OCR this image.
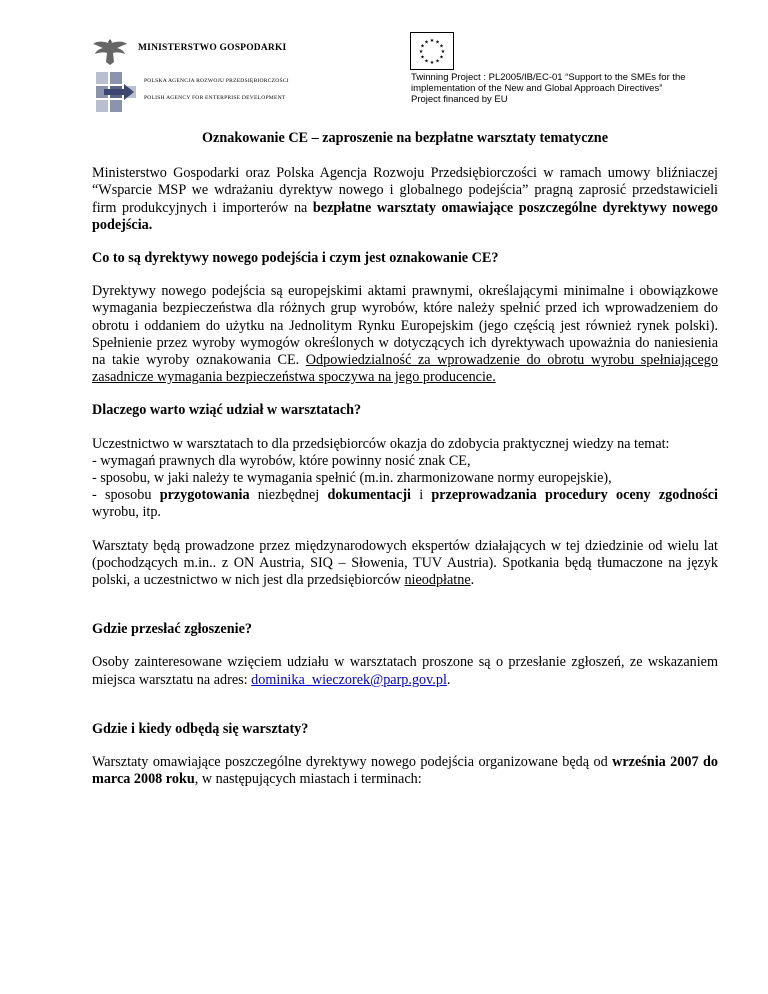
MINISTERSTWO GOSPODARKI
POLSKA AGENCJA ROZWOJU PRZEDSIĘBIORCZOŚCI
POLISH AGENCY FOR ENTERPRISE DEVELOPMENT
★ ★
★
★
★
★
★
★
★
★
★
★
Twinning Project : PL2005/IB/EC-01 “Support to the SMEs for the
implementation of the New and Global Approach Directives”
Project financed by EU
Oznakowanie CE – zaproszenie na bezpłatne warsztaty tematyczne
Ministerstwo Gospodarki oraz Polska Agencja Rozwoju Przedsiębiorczości w ramach umowy bliźniaczej “Wsparcie MSP we wdrażaniu dyrektyw nowego i globalnego podejścia” pragną zaprosić przedstawicieli firm produkcyjnych i importerów na bezpłatne warsztaty omawiające poszczególne dyrektywy nowego podejścia.
Co to są dyrektywy nowego podejścia i czym jest oznakowanie CE?
Dyrektywy nowego podejścia są europejskimi aktami prawnymi, określającymi minimalne i obowiązkowe wymagania bezpieczeństwa dla różnych grup wyrobów, które należy spełnić przed ich wprowadzeniem do obrotu i oddaniem do użytku na Jednolitym Rynku Europejskim (jego częścią jest również rynek polski). Spełnienie przez wyroby wymogów określonych w dotyczących ich dyrektywach upoważnia do naniesienia na takie wyroby oznakowania CE. Odpowiedzialność za wprowadzenie do obrotu wyrobu spełniającego zasadnicze wymagania bezpieczeństwa spoczywa na jego producencie.
Dlaczego warto wziąć udział w warsztatach?
Uczestnictwo w warsztatach to dla przedsiębiorców okazja do zdobycia praktycznej wiedzy na temat:
- wymagań prawnych dla wyrobów, które powinny nosić znak CE,
- sposobu, w jaki należy te wymagania spełnić (m.in. zharmonizowane normy europejskie),
- sposobu przygotowania niezbędnej dokumentacji i przeprowadzania procedury oceny zgodności wyrobu, itp.
Warsztaty będą prowadzone przez międzynarodowych ekspertów działających w tej dziedzinie od wielu lat (pochodzących m.in.. z ON Austria, SIQ – Słowenia, TUV Austria). Spotkania będą tłumaczone na język polski, a uczestnictwo w nich jest dla przedsiębiorców nieodpłatne.
Gdzie przesłać zgłoszenie?
Osoby zainteresowane wzięciem udziału w warsztatach proszone są o przesłanie zgłoszeń, ze wskazaniem miejsca warsztatu na adres: dominika_wieczorek@parp.gov.pl.
Gdzie i kiedy odbędą się warsztaty?
Warsztaty omawiające poszczególne dyrektywy nowego podejścia organizowane będą od września 2007 do marca 2008 roku, w następujących miastach i terminach:
